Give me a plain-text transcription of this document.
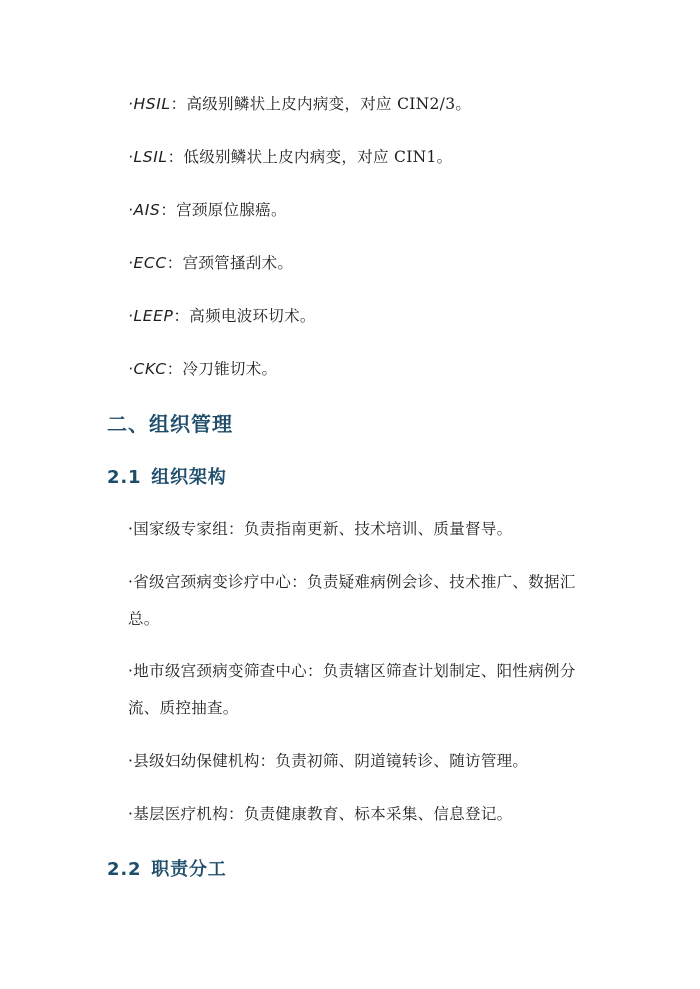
·HSIL：高级别鳞状上皮内病变，对应 CIN2/3。
·LSIL：低级别鳞状上皮内病变，对应 CIN1。
·AIS：宫颈原位腺癌。
·ECC：宫颈管搔刮术。
·LEEP：高频电波环切术。
·CKC：冷刀锥切术。
二、组织管理
2.1 组织架构
·国家级专家组：负责指南更新、技术培训、质量督导。
·省级宫颈病变诊疗中心：负责疑难病例会诊、技术推广、数据汇总。
·地市级宫颈病变筛查中心：负责辖区筛查计划制定、阳性病例分流、质控抽查。
·县级妇幼保健机构：负责初筛、阴道镜转诊、随访管理。
·基层医疗机构：负责健康教育、标本采集、信息登记。
2.2 职责分工
